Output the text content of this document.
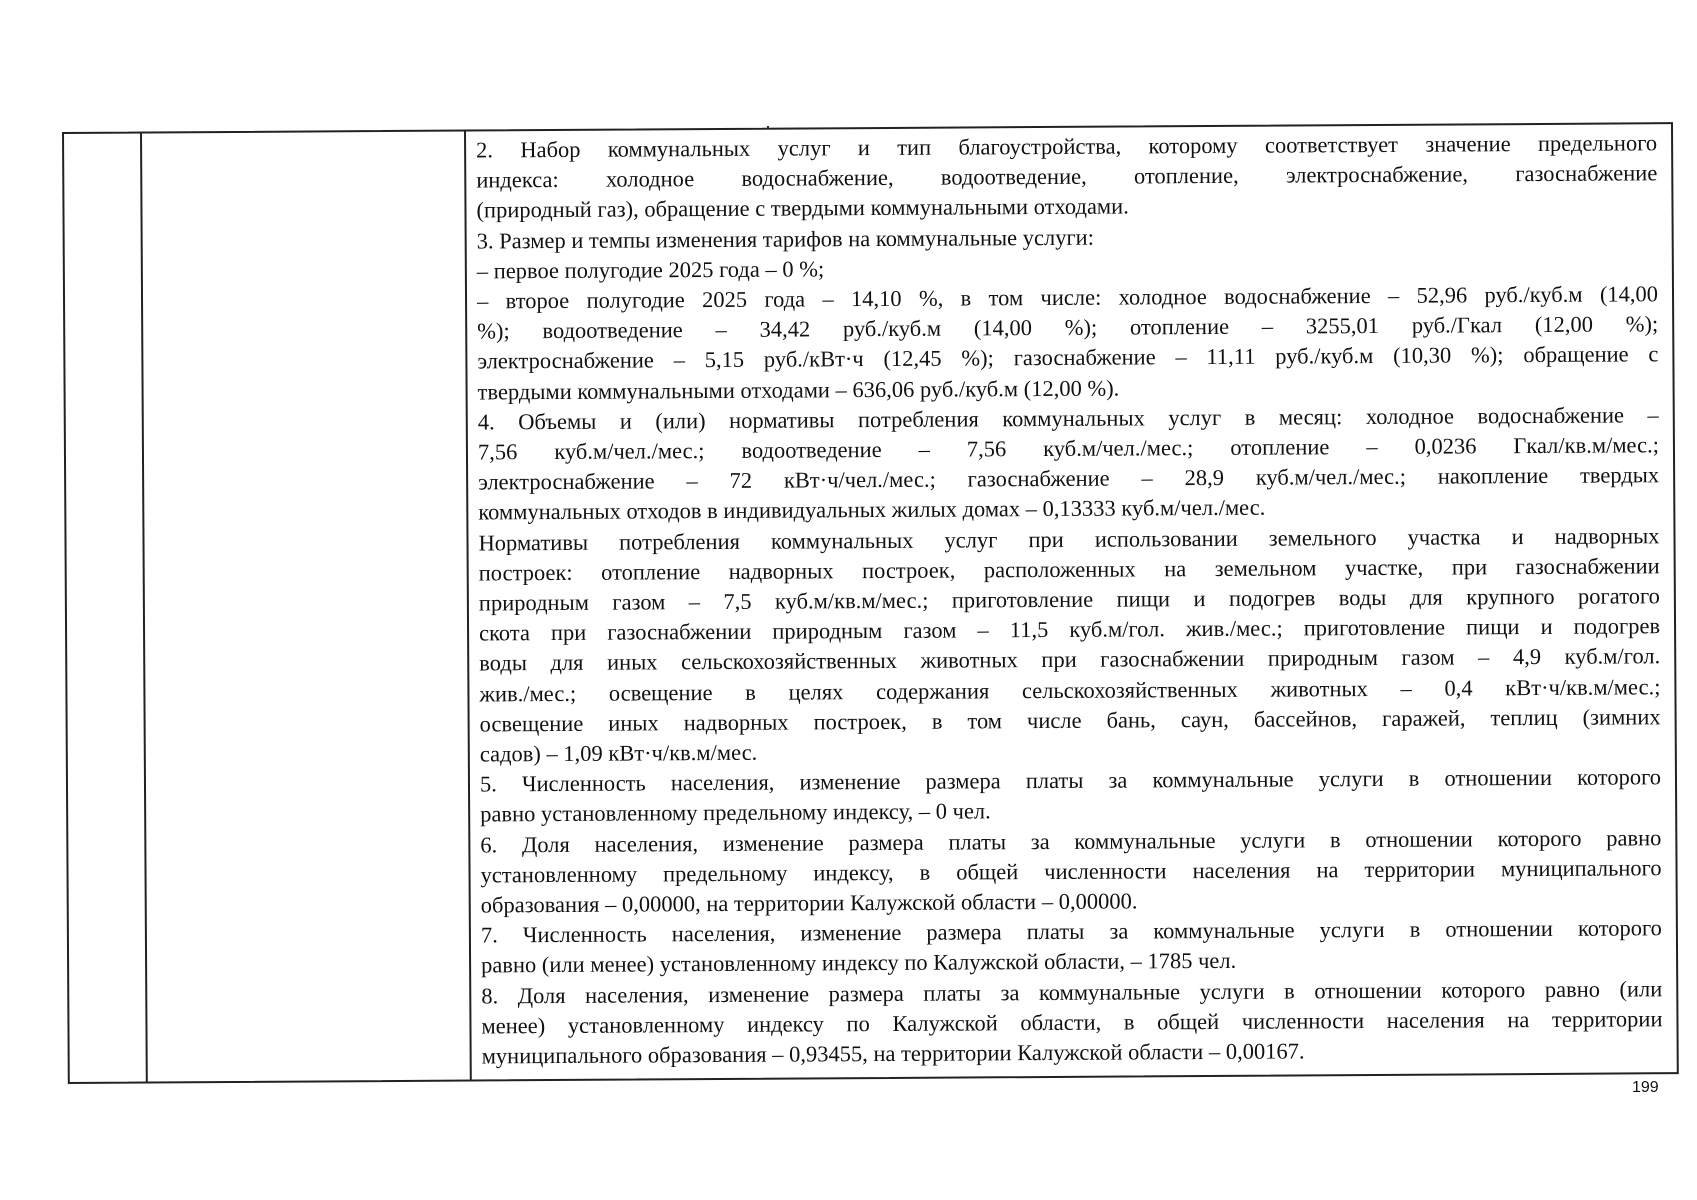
2. Набор коммунальных услуг и тип благоустройства, которому соответствует значение предельного
индекса: холодное водоснабжение, водоотведение, отопление, электроснабжение, газоснабжение
(природный газ), обращение с твердыми коммунальными отходами.
3. Размер и темпы изменения тарифов на коммунальные услуги:
– первое полугодие 2025 года – 0 %;
– второе полугодие 2025 года – 14,10 %, в том числе: холодное водоснабжение – 52,96 руб./куб.м (14,00
%); водоотведение – 34,42 руб./куб.м (14,00 %); отопление – 3255,01 руб./Гкал (12,00 %);
электроснабжение – 5,15 руб./кВт·ч (12,45 %); газоснабжение – 11,11 руб./куб.м (10,30 %); обращение с
твердыми коммунальными отходами – 636,06 руб./куб.м (12,00 %).
4. Объемы и (или) нормативы потребления коммунальных услуг в месяц: холодное водоснабжение –
7,56 куб.м/чел./мес.; водоотведение – 7,56 куб.м/чел./мес.; отопление – 0,0236 Гкал/кв.м/мес.;
электроснабжение – 72 кВт·ч/чел./мес.; газоснабжение – 28,9 куб.м/чел./мес.; накопление твердых
коммунальных отходов в индивидуальных жилых домах – 0,13333 куб.м/чел./мес.
Нормативы потребления коммунальных услуг при использовании земельного участка и надворных
построек: отопление надворных построек, расположенных на земельном участке, при газоснабжении
природным газом – 7,5 куб.м/кв.м/мес.; приготовление пищи и подогрев воды для крупного рогатого
скота при газоснабжении природным газом – 11,5 куб.м/гол. жив./мес.; приготовление пищи и подогрев
воды для иных сельскохозяйственных животных при газоснабжении природным газом – 4,9 куб.м/гол.
жив./мес.; освещение в целях содержания сельскохозяйственных животных – 0,4 кВт·ч/кв.м/мес.;
освещение иных надворных построек, в том числе бань, саун, бассейнов, гаражей, теплиц (зимних
садов) – 1,09 кВт·ч/кв.м/мес.
5. Численность населения, изменение размера платы за коммунальные услуги в отношении которого
равно установленному предельному индексу, – 0 чел.
6. Доля населения, изменение размера платы за коммунальные услуги в отношении которого равно
установленному предельному индексу, в общей численности населения на территории муниципального
образования – 0,00000, на территории Калужской области – 0,00000.
7. Численность населения, изменение размера платы за коммунальные услуги в отношении которого
равно (или менее) установленному индексу по Калужской области, – 1785 чел.
8. Доля населения, изменение размера платы за коммунальные услуги в отношении которого равно (или
менее) установленному индексу по Калужской области, в общей численности населения на территории
муниципального образования – 0,93455, на территории Калужской области – 0,00167.
199
